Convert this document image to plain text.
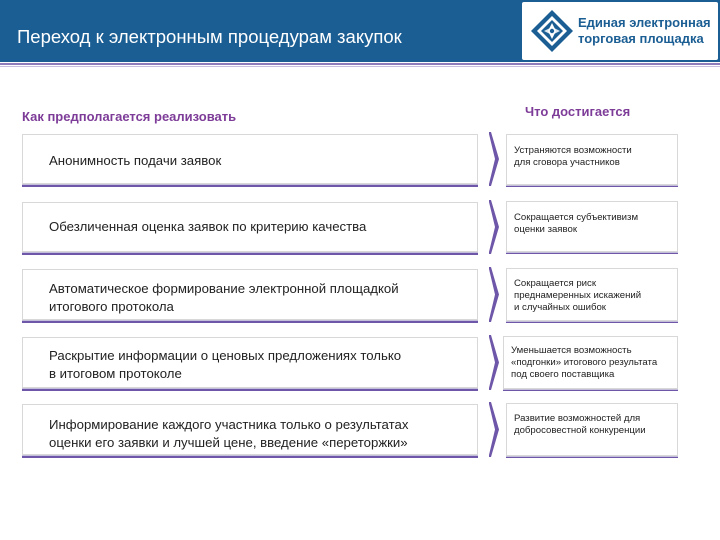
Переход к электронным процедурам закупок
Единая электронная
торговая площадка
Как предполагается реализовать	Что достигается
Анонимность подачи заявок
Устраняются возможности
для сговора участников
Обезличенная оценка заявок по критерию качества
Сокращается субъективизм
оценки заявок
Автоматическое формирование электронной площадкой
итогового протокола
Сокращается риск
преднамеренных искажений
и случайных ошибок
Раскрытие информации о ценовых предложениях только
в итоговом протоколе
Уменьшается возможность
«подгонки» итогового результата
под своего поставщика
Информирование каждого участника только о результатах
оценки его заявки и лучшей цене, введение «переторжки»
Развитие возможностей для
добросовестной конкуренции
